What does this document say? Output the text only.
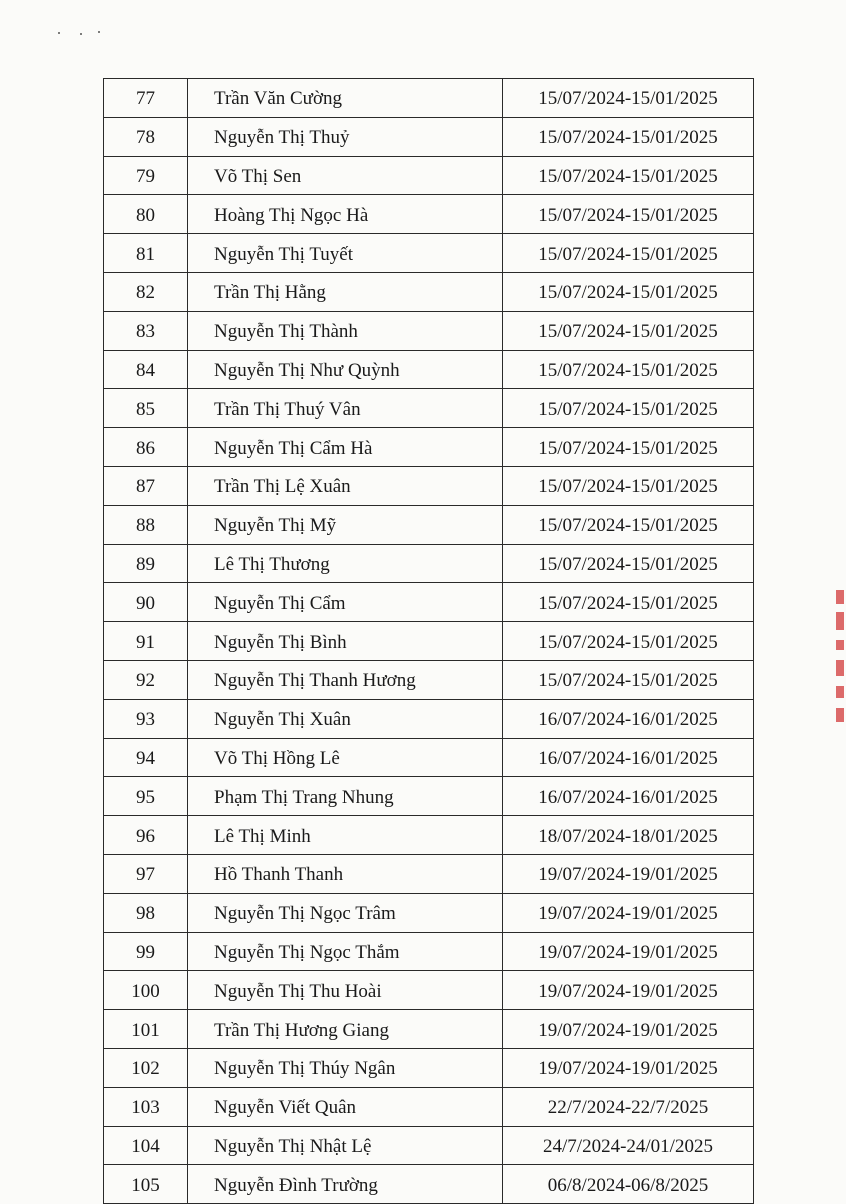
77	Trần Văn Cường	15/07/2024-15/01/2025
78	Nguyễn Thị Thuỷ	15/07/2024-15/01/2025
79	Võ Thị Sen	15/07/2024-15/01/2025
80	Hoàng Thị Ngọc Hà	15/07/2024-15/01/2025
81	Nguyễn Thị Tuyết	15/07/2024-15/01/2025
82	Trần Thị Hằng	15/07/2024-15/01/2025
83	Nguyễn Thị Thành	15/07/2024-15/01/2025
84	Nguyễn Thị Như Quỳnh	15/07/2024-15/01/2025
85	Trần Thị Thuý Vân	15/07/2024-15/01/2025
86	Nguyễn Thị Cẩm Hà	15/07/2024-15/01/2025
87	Trần Thị Lệ Xuân	15/07/2024-15/01/2025
88	Nguyễn Thị Mỹ	15/07/2024-15/01/2025
89	Lê Thị Thương	15/07/2024-15/01/2025
90	Nguyễn Thị Cẩm	15/07/2024-15/01/2025
91	Nguyễn Thị Bình	15/07/2024-15/01/2025
92	Nguyễn Thị Thanh Hương	15/07/2024-15/01/2025
93	Nguyễn Thị Xuân	16/07/2024-16/01/2025
94	Võ Thị Hồng Lê	16/07/2024-16/01/2025
95	Phạm Thị Trang Nhung	16/07/2024-16/01/2025
96	Lê Thị Minh	18/07/2024-18/01/2025
97	Hồ Thanh Thanh	19/07/2024-19/01/2025
98	Nguyễn Thị Ngọc Trâm	19/07/2024-19/01/2025
99	Nguyễn Thị Ngọc Thắm	19/07/2024-19/01/2025
100	Nguyễn Thị Thu Hoài	19/07/2024-19/01/2025
101	Trần Thị Hương Giang	19/07/2024-19/01/2025
102	Nguyễn Thị Thúy Ngân	19/07/2024-19/01/2025
103	Nguyễn Viết Quân	22/7/2024-22/7/2025
104	Nguyễn Thị Nhật Lệ	24/7/2024-24/01/2025
105	Nguyễn Đình Trường	06/8/2024-06/8/2025
